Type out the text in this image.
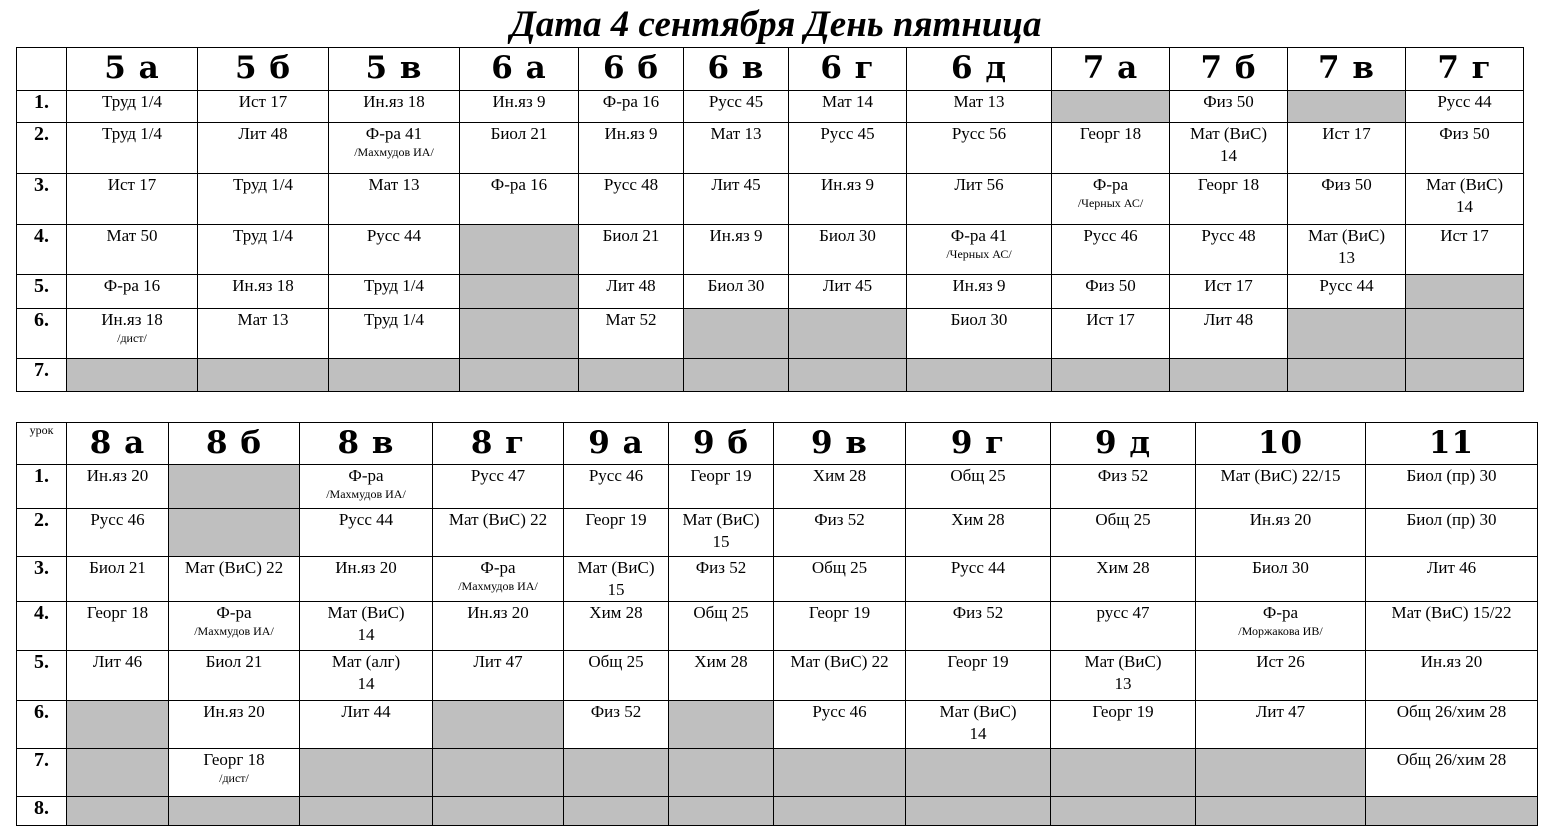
Дата 4 сентября День пятница
	5 а	5 б	5 в	6 а	6 б	6 в	6 г	6 д	7 а	7 б	7 в	7 г
1.	Труд 1/4	Ист 17	Ин.яз 18	Ин.яз 9	Ф-ра 16	Русс 45	Мат 14	Мат 13		Физ 50		Русс 44

2.	Труд 1/4	Лит 48	Ф-ра 41
/Махмудов ИА/	Биол 21	Ин.яз 9	Мат 13	Русс 45	Русс 56	Георг 18	Мат (ВиС)
14	Ист 17	Физ 50

3.	Ист 17	Труд 1/4	Мат 13	Ф-ра 16	Русс 48	Лит 45	Ин.яз 9	Лит 56	Ф-ра
/Черных АС/	Георг 18	Физ 50	Мат (ВиС)
14

4.	Мат 50	Труд 1/4	Русс 44		Биол 21	Ин.яз 9	Биол 30	Ф-ра 41
/Черных АС/	Русс 46	Русс 48	Мат (ВиС)
13	Ист 17

5.	Ф-ра 16	Ин.яз 18	Труд 1/4		Лит 48	Биол 30	Лит 45	Ин.яз 9	Физ 50	Ист 17	Русс 44	

6.	Ин.яз 18
/дист/	Мат 13	Труд 1/4		Мат 52			Биол 30	Ист 17	Лит 48		

7.												
урок	8 а	8 б	8 в	8 г	9 а	9 б	9 в	9 г	9 д	10	11
1.	Ин.яз 20		Ф-ра
/Махмудов ИА/	Русс 47	Русс 46	Георг 19	Хим 28	Общ 25	Физ 52	Мат (ВиС) 22/15	Биол (пр) 30

2.	Русс 46		Русс 44	Мат (ВиС) 22	Георг 19	Мат (ВиС)
15	Физ 52	Хим 28	Общ 25	Ин.яз 20	Биол (пр) 30

3.	Биол 21	Мат (ВиС) 22	Ин.яз 20	Ф-ра
/Махмудов ИА/	Мат (ВиС)
15	Физ 52	Общ 25	Русс 44	Хим 28	Биол 30	Лит 46

4.	Георг 18	Ф-ра
/Махмудов ИА/	Мат (ВиС)
14	Ин.яз 20	Хим 28	Общ 25	Георг 19	Физ 52	русс 47	Ф-ра
/Моржакова ИВ/	Мат (ВиС) 15/22

5.	Лит 46	Биол 21	Мат (алг)
14	Лит 47	Общ 25	Хим 28	Мат (ВиС) 22	Георг 19	Мат (ВиС)
13	Ист 26	Ин.яз 20

6.		Ин.яз 20	Лит 44		Физ 52		Русс 46	Мат (ВиС)
14	Георг 19	Лит 47	Общ 26/хим 28

7.		Георг 18
/дист/									Общ 26/хим 28

8.											
